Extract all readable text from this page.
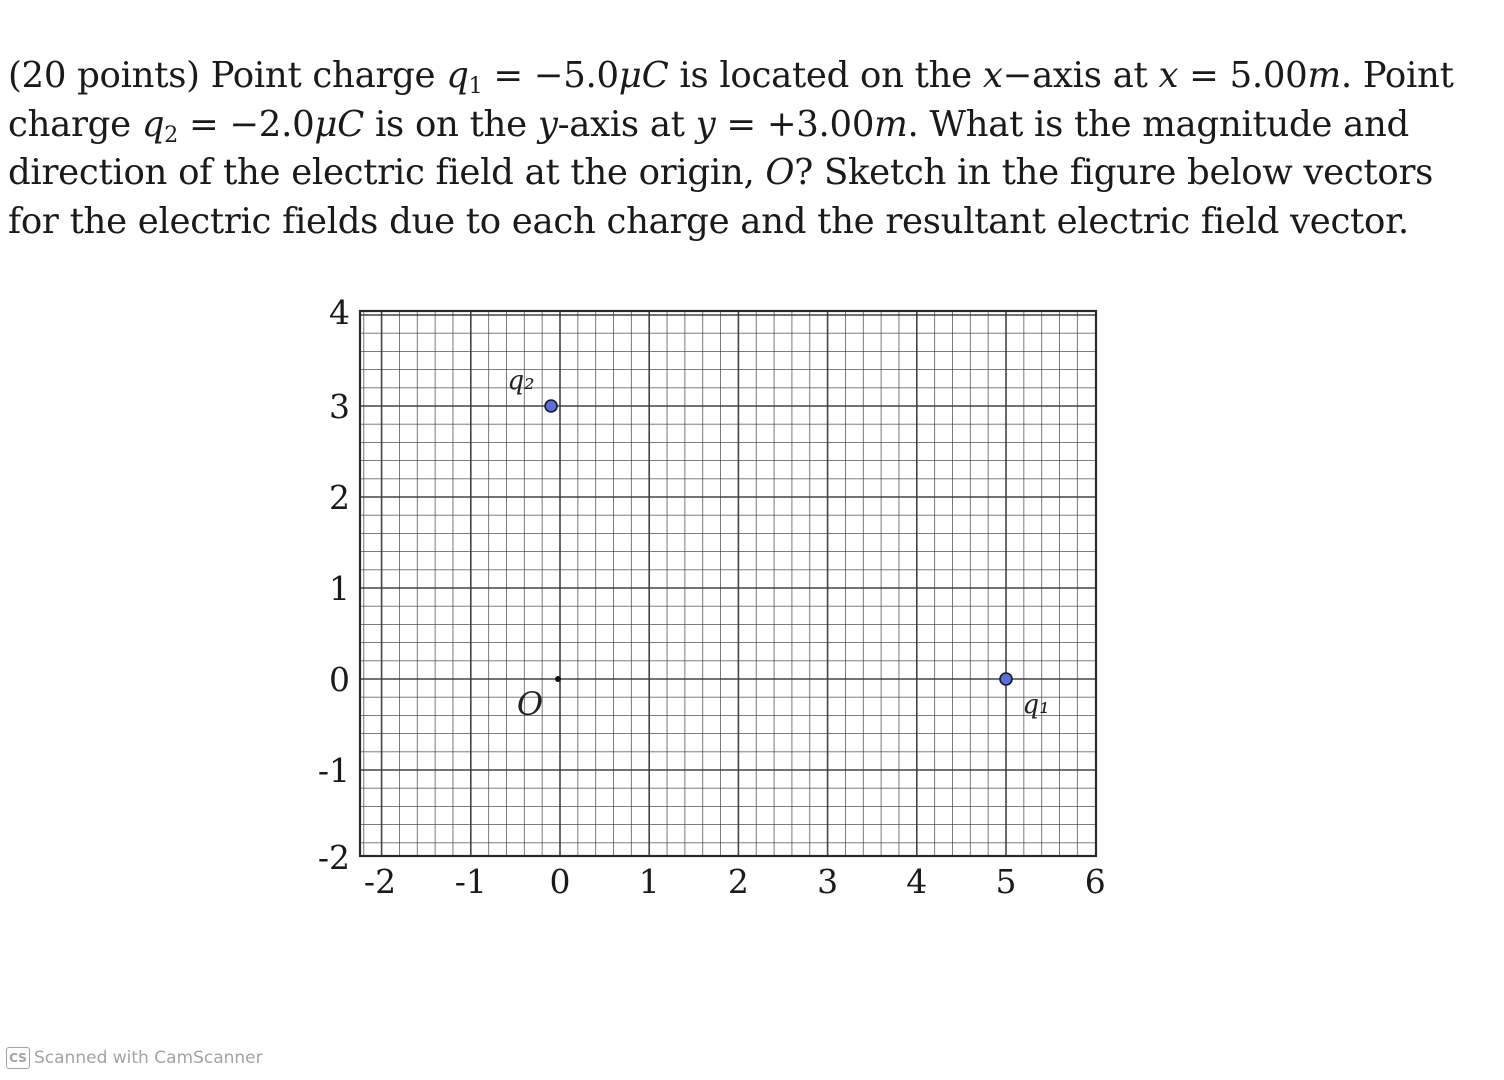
(20 points) Point charge $q_1 = -5.0\mu C$ is located on the x−axis at x = 5.00m. Point charge $q_2 = -2.0\mu C$ is on the y-axis at y = +3.00m. What is the magnitude and direction of the electric field at the origin, O? Sketch in the figure below vectors for the electric fields due to each charge and the resultant electric field vector.

-2 -1 0 1 2 3 4 5 6
4
3
2
1
0
-1
-2
q₂
q₁
O
CS Scanned with CamScanner
